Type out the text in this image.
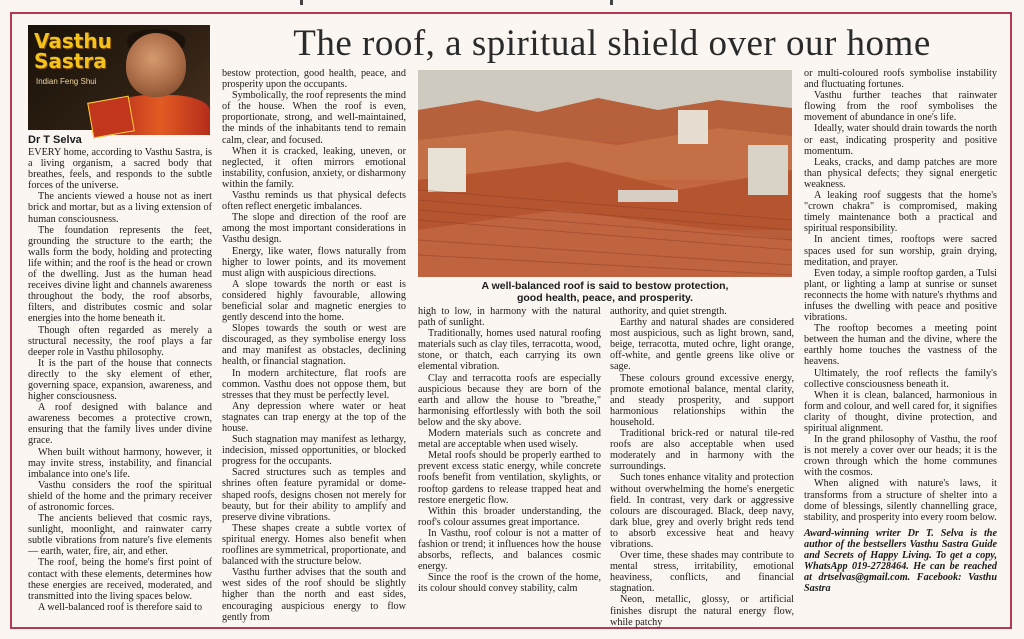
Vasthu
Sastra
Indian Feng Shui
Dr T Selva

EVERY home, according to Vasthu Sastra, is a living organism, a sacred body that breathes, feels, and responds to the subtle forces of the universe.

The ancients viewed a house not as inert brick and mortar, but as a living extension of human consciousness.

The foundation represents the feet, grounding the structure to the earth; the walls form the body, holding and protecting life within; and the roof is the head or crown of the dwelling. Just as the human head receives divine light and channels awareness throughout the body, the roof absorbs, filters, and distributes cosmic and solar energies into the home beneath it.

Though often regarded as merely a structural necessity, the roof plays a far deeper role in Vasthu philosophy.

It is the part of the house that connects directly to the sky element of ether, governing space, expansion, awareness, and higher consciousness.

A roof designed with balance and awareness becomes a protective crown, ensuring that the family lives under divine grace.

When built without harmony, however, it may invite stress, instability, and financial imbalance into one's life.

Vasthu considers the roof the spiritual shield of the home and the primary receiver of astronomic forces.

The ancients believed that cosmic rays, sunlight, moonlight, and rainwater carry subtle vibrations from nature's five elements — earth, water, fire, air, and ether.

The roof, being the home's first point of contact with these elements, determines how these energies are received, moderated, and transmitted into the living spaces below.

A well-balanced roof is therefore said to

The roof, a spiritual shield over our home

bestow protection, good health, peace, and prosperity upon the occupants.

Symbolically, the roof represents the mind of the house. When the roof is even, proportionate, strong, and well-maintained, the minds of the inhabitants tend to remain calm, clear, and focused.

When it is cracked, leaking, uneven, or neglected, it often mirrors emotional instability, confusion, anxiety, or disharmony within the family.

Vasthu reminds us that physical defects often reflect energetic imbalances.

The slope and direction of the roof are among the most important considerations in Vasthu design.

Energy, like water, flows naturally from higher to lower points, and its movement must align with auspicious directions.

A slope towards the north or east is considered highly favourable, allowing beneficial solar and magnetic energies to gently descend into the home.

Slopes towards the south or west are discouraged, as they symbolise energy loss and may manifest as obstacles, declining health, or financial stagnation.

In modern architecture, flat roofs are common. Vasthu does not oppose them, but stresses that they must be perfectly level.

Any depression where water or heat stagnates can trap energy at the top of the house.

Such stagnation may manifest as lethargy, indecision, missed opportunities, or blocked progress for the occupants.

Sacred structures such as temples and shrines often feature pyramidal or dome-shaped roofs, designs chosen not merely for beauty, but for their ability to amplify and preserve divine vibrations.

These shapes create a subtle vortex of spiritual energy. Homes also benefit when rooflines are symmetrical, proportionate, and balanced with the structure below.

Vasthu further advises that the south and west sides of the roof should be slightly higher than the north and east sides, encouraging auspicious energy to flow gently from

A well-balanced roof is said to bestow protection,
good health, peace, and prosperity.

high to low, in harmony with the natural path of sunlight.

Traditionally, homes used natural roofing materials such as clay tiles, terracotta, wood, stone, or thatch, each carrying its own elemental vibration.

Clay and terracotta roofs are especially auspicious because they are born of the earth and allow the house to "breathe," harmonising effortlessly with both the soil below and the sky above.

Modern materials such as concrete and metal are acceptable when used wisely.

Metal roofs should be properly earthed to prevent excess static energy, while concrete roofs benefit from ventilation, skylights, or rooftop gardens to release trapped heat and restore energetic flow.

Within this broader understanding, the roof's colour assumes great importance.

In Vasthu, roof colour is not a matter of fashion or trend; it influences how the house absorbs, reflects, and balances cosmic energy.

Since the roof is the crown of the home, its colour should convey stability, calm

authority, and quiet strength.

Earthy and natural shades are considered most auspicious, such as light brown, sand, beige, terracotta, muted ochre, light orange, off-white, and gentle greens like olive or sage.

These colours ground excessive energy, promote emotional balance, mental clarity, and steady prosperity, and support harmonious relationships within the household.

Traditional brick-red or natural tile-red roofs are also acceptable when used moderately and in harmony with the surroundings.

Such tones enhance vitality and protection without overwhelming the home's energetic field. In contrast, very dark or aggressive colours are discouraged. Black, deep navy, dark blue, grey and overly bright reds tend to absorb excessive heat and heavy vibrations.

Over time, these shades may contribute to mental stress, irritability, emotional heaviness, conflicts, and financial stagnation.

Neon, metallic, glossy, or artificial finishes disrupt the natural energy flow, while patchy

or multi-coloured roofs symbolise instability and fluctuating fortunes.

Vasthu further teaches that rainwater flowing from the roof symbolises the movement of abundance in one's life.

Ideally, water should drain towards the north or east, indicating prosperity and positive momentum.

Leaks, cracks, and damp patches are more than physical defects; they signal energetic weakness.

A leaking roof suggests that the home's "crown chakra" is compromised, making timely maintenance both a practical and spiritual responsibility.

In ancient times, rooftops were sacred spaces used for sun worship, grain drying, meditation, and prayer.

Even today, a simple rooftop garden, a Tulsi plant, or lighting a lamp at sunrise or sunset reconnects the home with nature's rhythms and infuses the dwelling with peace and positive vibrations.

The rooftop becomes a meeting point between the human and the divine, where the earthly home touches the vastness of the heavens.

Ultimately, the roof reflects the family's collective consciousness beneath it.

When it is clean, balanced, harmonious in form and colour, and well cared for, it signifies clarity of thought, divine protection, and spiritual alignment.

In the grand philosophy of Vasthu, the roof is not merely a cover over our heads; it is the crown through which the home communes with the cosmos.

When aligned with nature's laws, it transforms from a structure of shelter into a dome of blessings, silently channelling grace, stability, and prosperity into every room below.

Award-winning writer Dr T. Selva is the author of the bestsellers Vasthu Sastra Guide and Secrets of Happy Living. To get a copy, WhatsApp 019-2728464. He can be reached at drtselvas@gmail.com. Facebook: Vasthu Sastra
